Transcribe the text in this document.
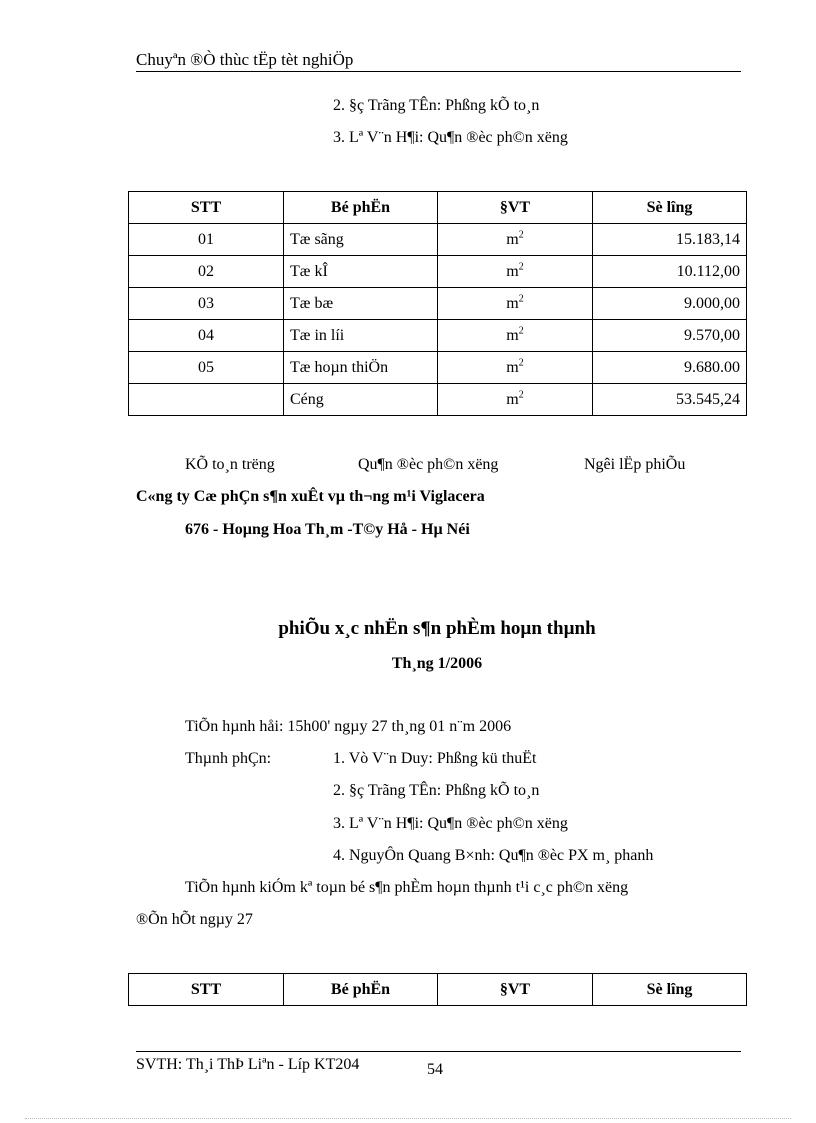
Chuyªn ®Ò thùc tËp tèt nghiÖp
2. §ç Trãng TÊn: Phßng kÕ to¸n
3. Lª V¨n H¶i: Qu¶n ®èc ph©n xëng
STT	Bé phËn	§VT	Sè lîng
01	Tæ sãng	$m^2$	15.183,14
02	Tæ kÎ	$m^2$	10.112,00
03	Tæ bæ	$m^2$	9.000,00
04	Tæ in líi	$m^2$	9.570,00
05	Tæ hoµn thiÖn	$m^2$	9.680.00
	Céng	$m^2$	53.545,24
KÕ to¸n trëng	Qu¶n ®èc ph©n xëng	Ngêi lËp phiÕu
C«ng ty Cæ phÇn s¶n xuÊt vµ th¬ng m¹i Viglacera
676 - Hoµng Hoa Th¸m -T©y Hå - Hµ Néi
phiÕu x¸c nhËn s¶n phÈm hoµn thµnh
Th¸ng 1/2006
TiÕn hµnh håi: 15h00' ngµy 27 th¸ng 01 n¨m 2006
Thµnh phÇn:	1. Vò V¨n Duy: Phßng kü thuËt
2. §ç Trãng TÊn: Phßng kÕ to¸n
3. Lª V¨n H¶i: Qu¶n ®èc ph©n xëng
4. NguyÔn Quang B×nh: Qu¶n ®èc PX m¸ phanh
TiÕn hµnh kiÓm kª toµn bé s¶n phÈm hoµn thµnh t¹i c¸c ph©n xëng
®Õn hÕt ngµy 27
STT	Bé phËn	§VT	Sè lîng
SVTH: Th¸i ThÞ Liªn - Líp KT204	54
